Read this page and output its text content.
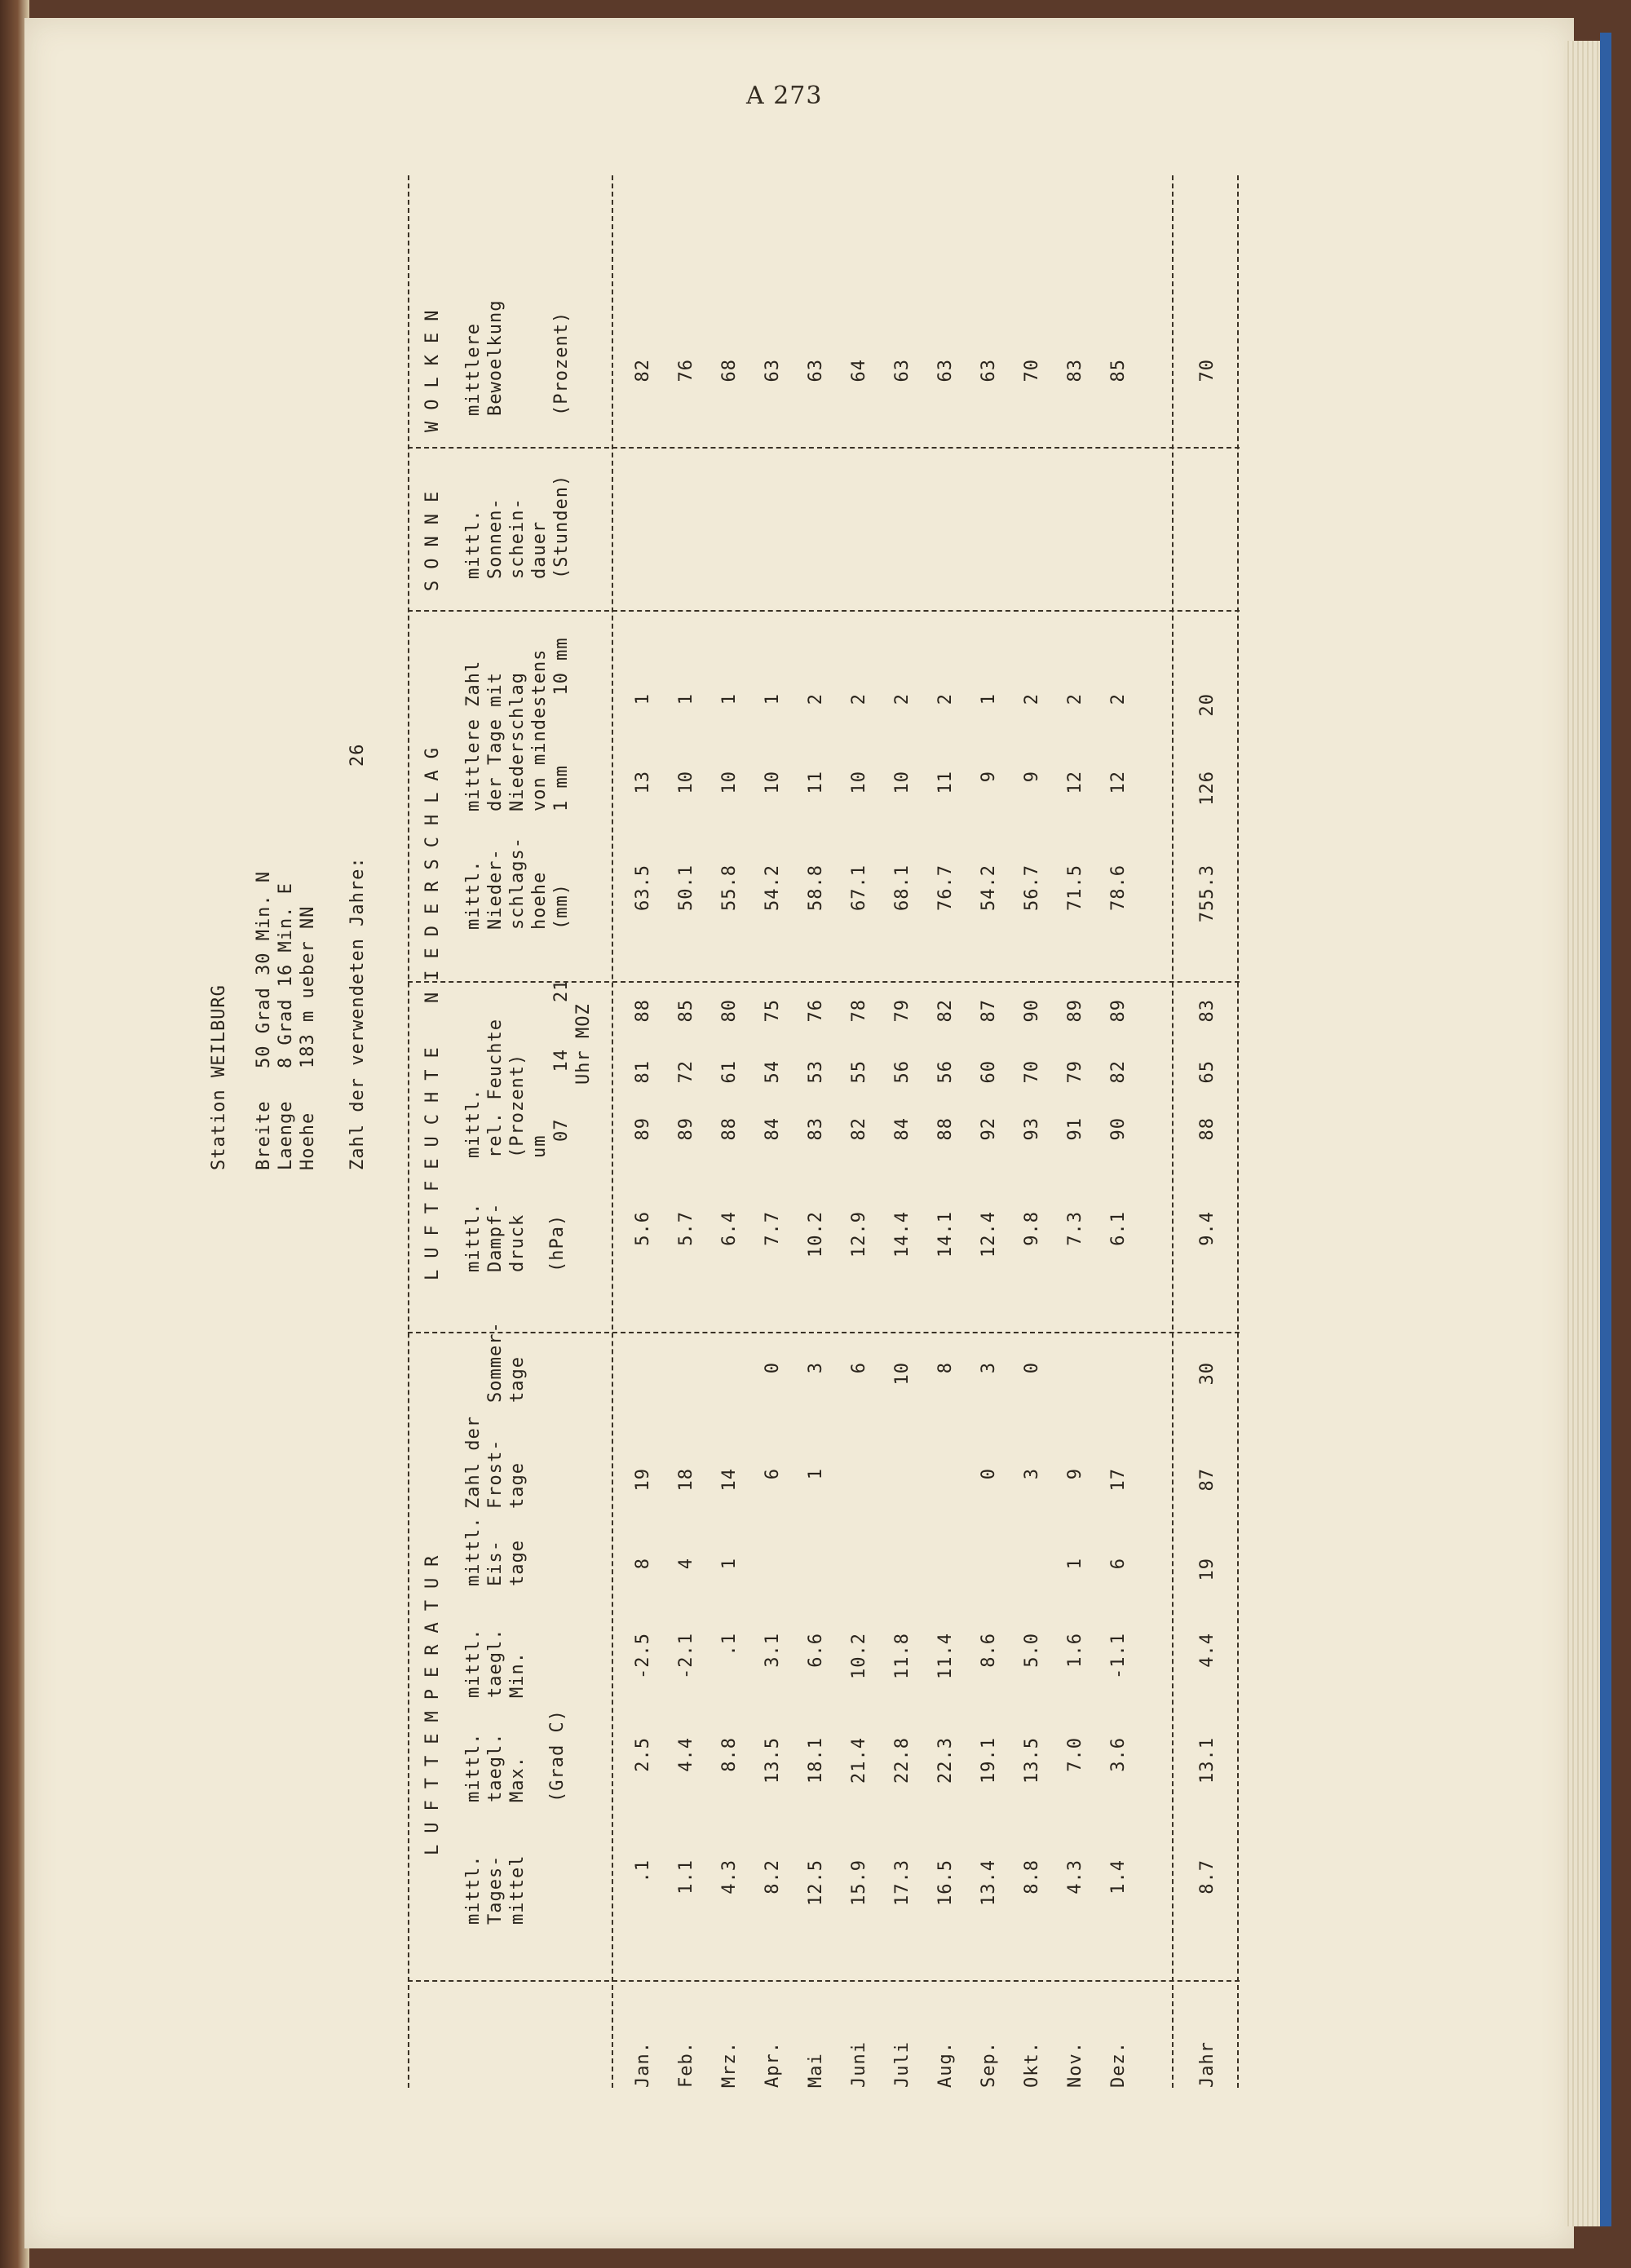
A 273
Station WEILBURG Breite
50 Grad 30 Min. N
Laenge
8 Grad 16 Min. E
Hoehe
183 m ueber NN Zahl der verwendeten Jahre:
26
LUFTTEMPERATUR
LUFTFEUCHTE
NIEDERSCHLAG
SONNE
WOLKEN
mittl.
Tages-
mittel
mittl.
taegl.
Max.
mittl.
taegl.
Min.
(Grad C)
mittl.
Eis-
tage
Zahl der
Frost-
tage

Sommer-
tage
mittl.
Dampf-
druck (hPa)
mittl.
rel. Feuchte
(Prozent)
um
07    14    21 Uhr MOZ
mittl.
Nieder-
schlags-
hoehe (mm)
mittlere Zahl
der Tage mit
Niederschlag
von mindestens 1 mm      10 mm
mittl.
Sonnen-
schein-
dauer (Stunden)
mittlere
Bewoelkung	(Prozent)
Jan.
.1
2.5
-2.5
8
19
5.6
89
81
88
63.5
13
1
82
Feb.
1.1
4.4
-2.1
4
18
5.7
89
72
85
50.1
10
1
76
Mrz.
4.3
8.8
.1
1
14
6.4
88
61
80
55.8
10
1
68
Apr.
8.2
13.5
3.1
6
0
7.7
84
54
75
54.2
10
1
63
Mai
12.5
18.1
6.6
1
3
10.2
83
53
76
58.8
11
2
63
Juni
15.9
21.4
10.2
6
12.9
82
55
78
67.1
10
2
64
Juli
17.3
22.8
11.8
10
14.4
84
56
79
68.1
10
2
63
Aug.
16.5
22.3
11.4
8
14.1
88
56
82
76.7
11
2
63
Sep.
13.4
19.1
8.6
0
3
12.4
92
60
87
54.2
9
1
63
Okt.
8.8
13.5
5.0
3
0
9.8
93
70
90
56.7
9
2
70
Nov.
4.3
7.0
1.6
1
9
7.3
91
79
89
71.5
12
2
83
Dez.
1.4
3.6
-1.1
6
17
6.1
90
82
89
78.6
12
2
85
Jahr
8.7
13.1
4.4
19
87
30
9.4
88
65
83
755.3
126
20
70
